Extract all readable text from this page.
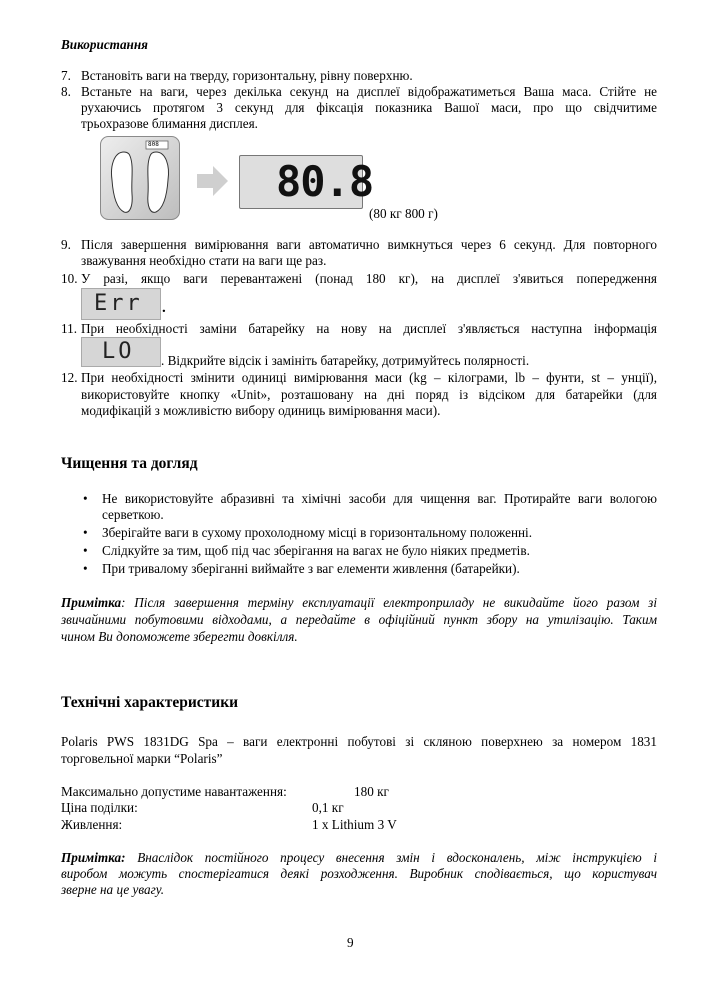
Використання
7. Встановіть ваги на тверду, горизонтальну, рівну поверхню.
8. Встаньте на ваги, через декілька секунд на дисплеї відображатиметься Ваша маса. Стійте не
рухаючись протягом 3 секунд для фіксація показника Вашої маси, про що свідчитиме
трьохразове блимання дисплея.
808
80.8
(80 кг 800 г)
9. Після завершення вимірювання ваги автоматично вимкнуться через 6 секунд. Для повторного
зважування необхідно стати на ваги ще раз.
10. У разі, якщо ваги перевантажені (понад 180 кг), на дисплеї з'явиться попередження
Err .
11. При необхідності заміни батарейку на нову на дисплеї з'являється наступна інформація
LO . Відкрийте відсік і замініть батарейку, дотримуйтесь полярності.
12. При необхідності змінити одиниці вимірювання маси (kg – кілограми, lb – фунти, st – унції),
використовуйте кнопку «Unit», розташовану на дні поряд із відсіком для батарейки (для
модифікацій з можливістю вибору одиниць вимірювання маси).
Чищення та догляд
• Не використовуйте абразивні та хімічні засоби для чищення ваг. Протирайте ваги вологою
серветкою.
• Зберігайте ваги в сухому прохолодному місці в горизонтальному положенні.
• Слідкуйте за тим, щоб під час зберігання на вагах не було ніяких предметів.
• При тривалому зберіганні виймайте з ваг елементи живлення (батарейки).
Примітка: Після завершення терміну експлуатації електроприладу не викидайте його разом зі
звичайними побутовими відходами, а передайте в офіційний пункт збору на утилізацію. Таким
чином Ви допоможете зберегти довкілля.
Технічні характеристики
Polaris PWS 1831DG Spa – ваги електронні побутові зі скляною поверхнею за номером 1831
торговельної марки “Polaris”
Максимально допустиме навантаження:	180 кг
Ціна поділки:	0,1 кг
Живлення:	1 х Lithium 3 V
Примітка: Внаслідок постійного процесу внесення змін і вдосконалень, між інструкцією і
виробом можуть спостерігатися деякі розходження. Виробник сподівається, що користувач
зверне на це увагу.
9
